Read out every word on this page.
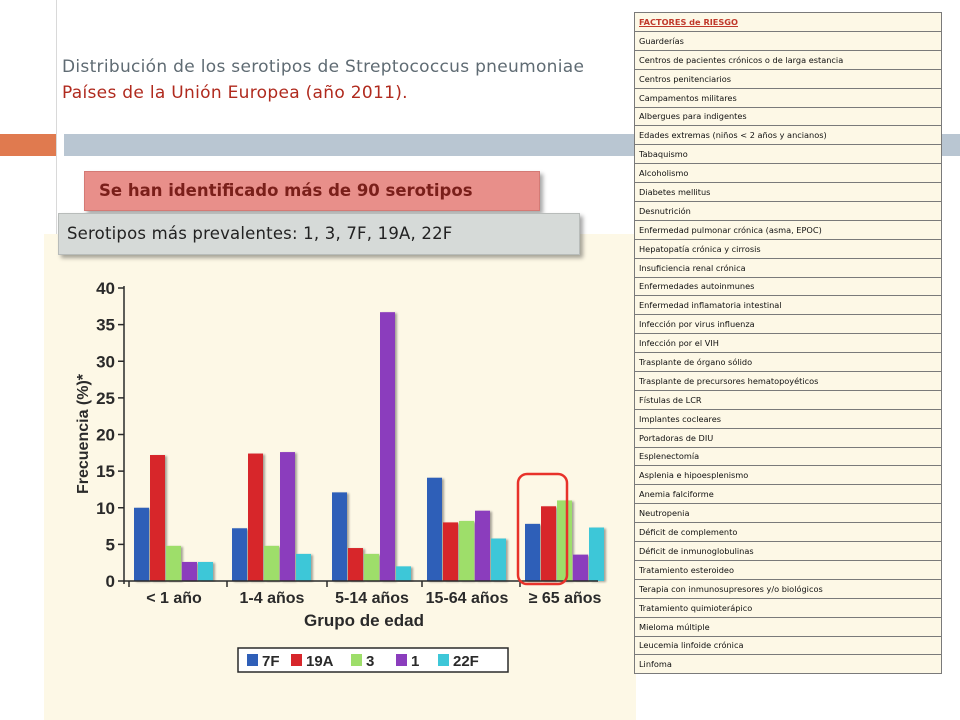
Distribución de los serotipos de Streptococcus pneumoniae
Países de la Unión Europea (año 2011).
Se han identificado más de 90 serotipos
Serotipos más prevalentes: 1, 3, 7F, 19A, 22F
0
5
10
15
20
25
30
35
40
< 1 año 1-4 años 5-14 años 15-64 años ≥ 65 años
Frecuencia (%)*
Grupo de edad
7F 19A 3 1 22F
FACTORES de RIESGO
Guarderías
Centros de pacientes crónicos o de larga estancia
Centros penitenciarios
Campamentos militares
Albergues para indigentes
Edades extremas (niños < 2 años y ancianos)
Tabaquismo
Alcoholismo
Diabetes mellitus
Desnutrición
Enfermedad pulmonar crónica (asma, EPOC)
Hepatopatía crónica y cirrosis
Insuficiencia renal crónica
Enfermedades autoinmunes
Enfermedad inflamatoria intestinal
Infección por virus influenza
Infección por el VIH
Trasplante de órgano sólido
Trasplante de precursores hematopoyéticos
Fístulas de LCR
Implantes cocleares
Portadoras de DIU
Esplenectomía
Asplenia e hipoesplenismo
Anemia falciforme
Neutropenia
Déficit de complemento
Déficit de inmunoglobulinas
Tratamiento esteroideo
Terapia con inmunosupresores y/o biológicos
Tratamiento quimioterápico
Mieloma múltiple
Leucemia linfoide crónica
Linfoma
